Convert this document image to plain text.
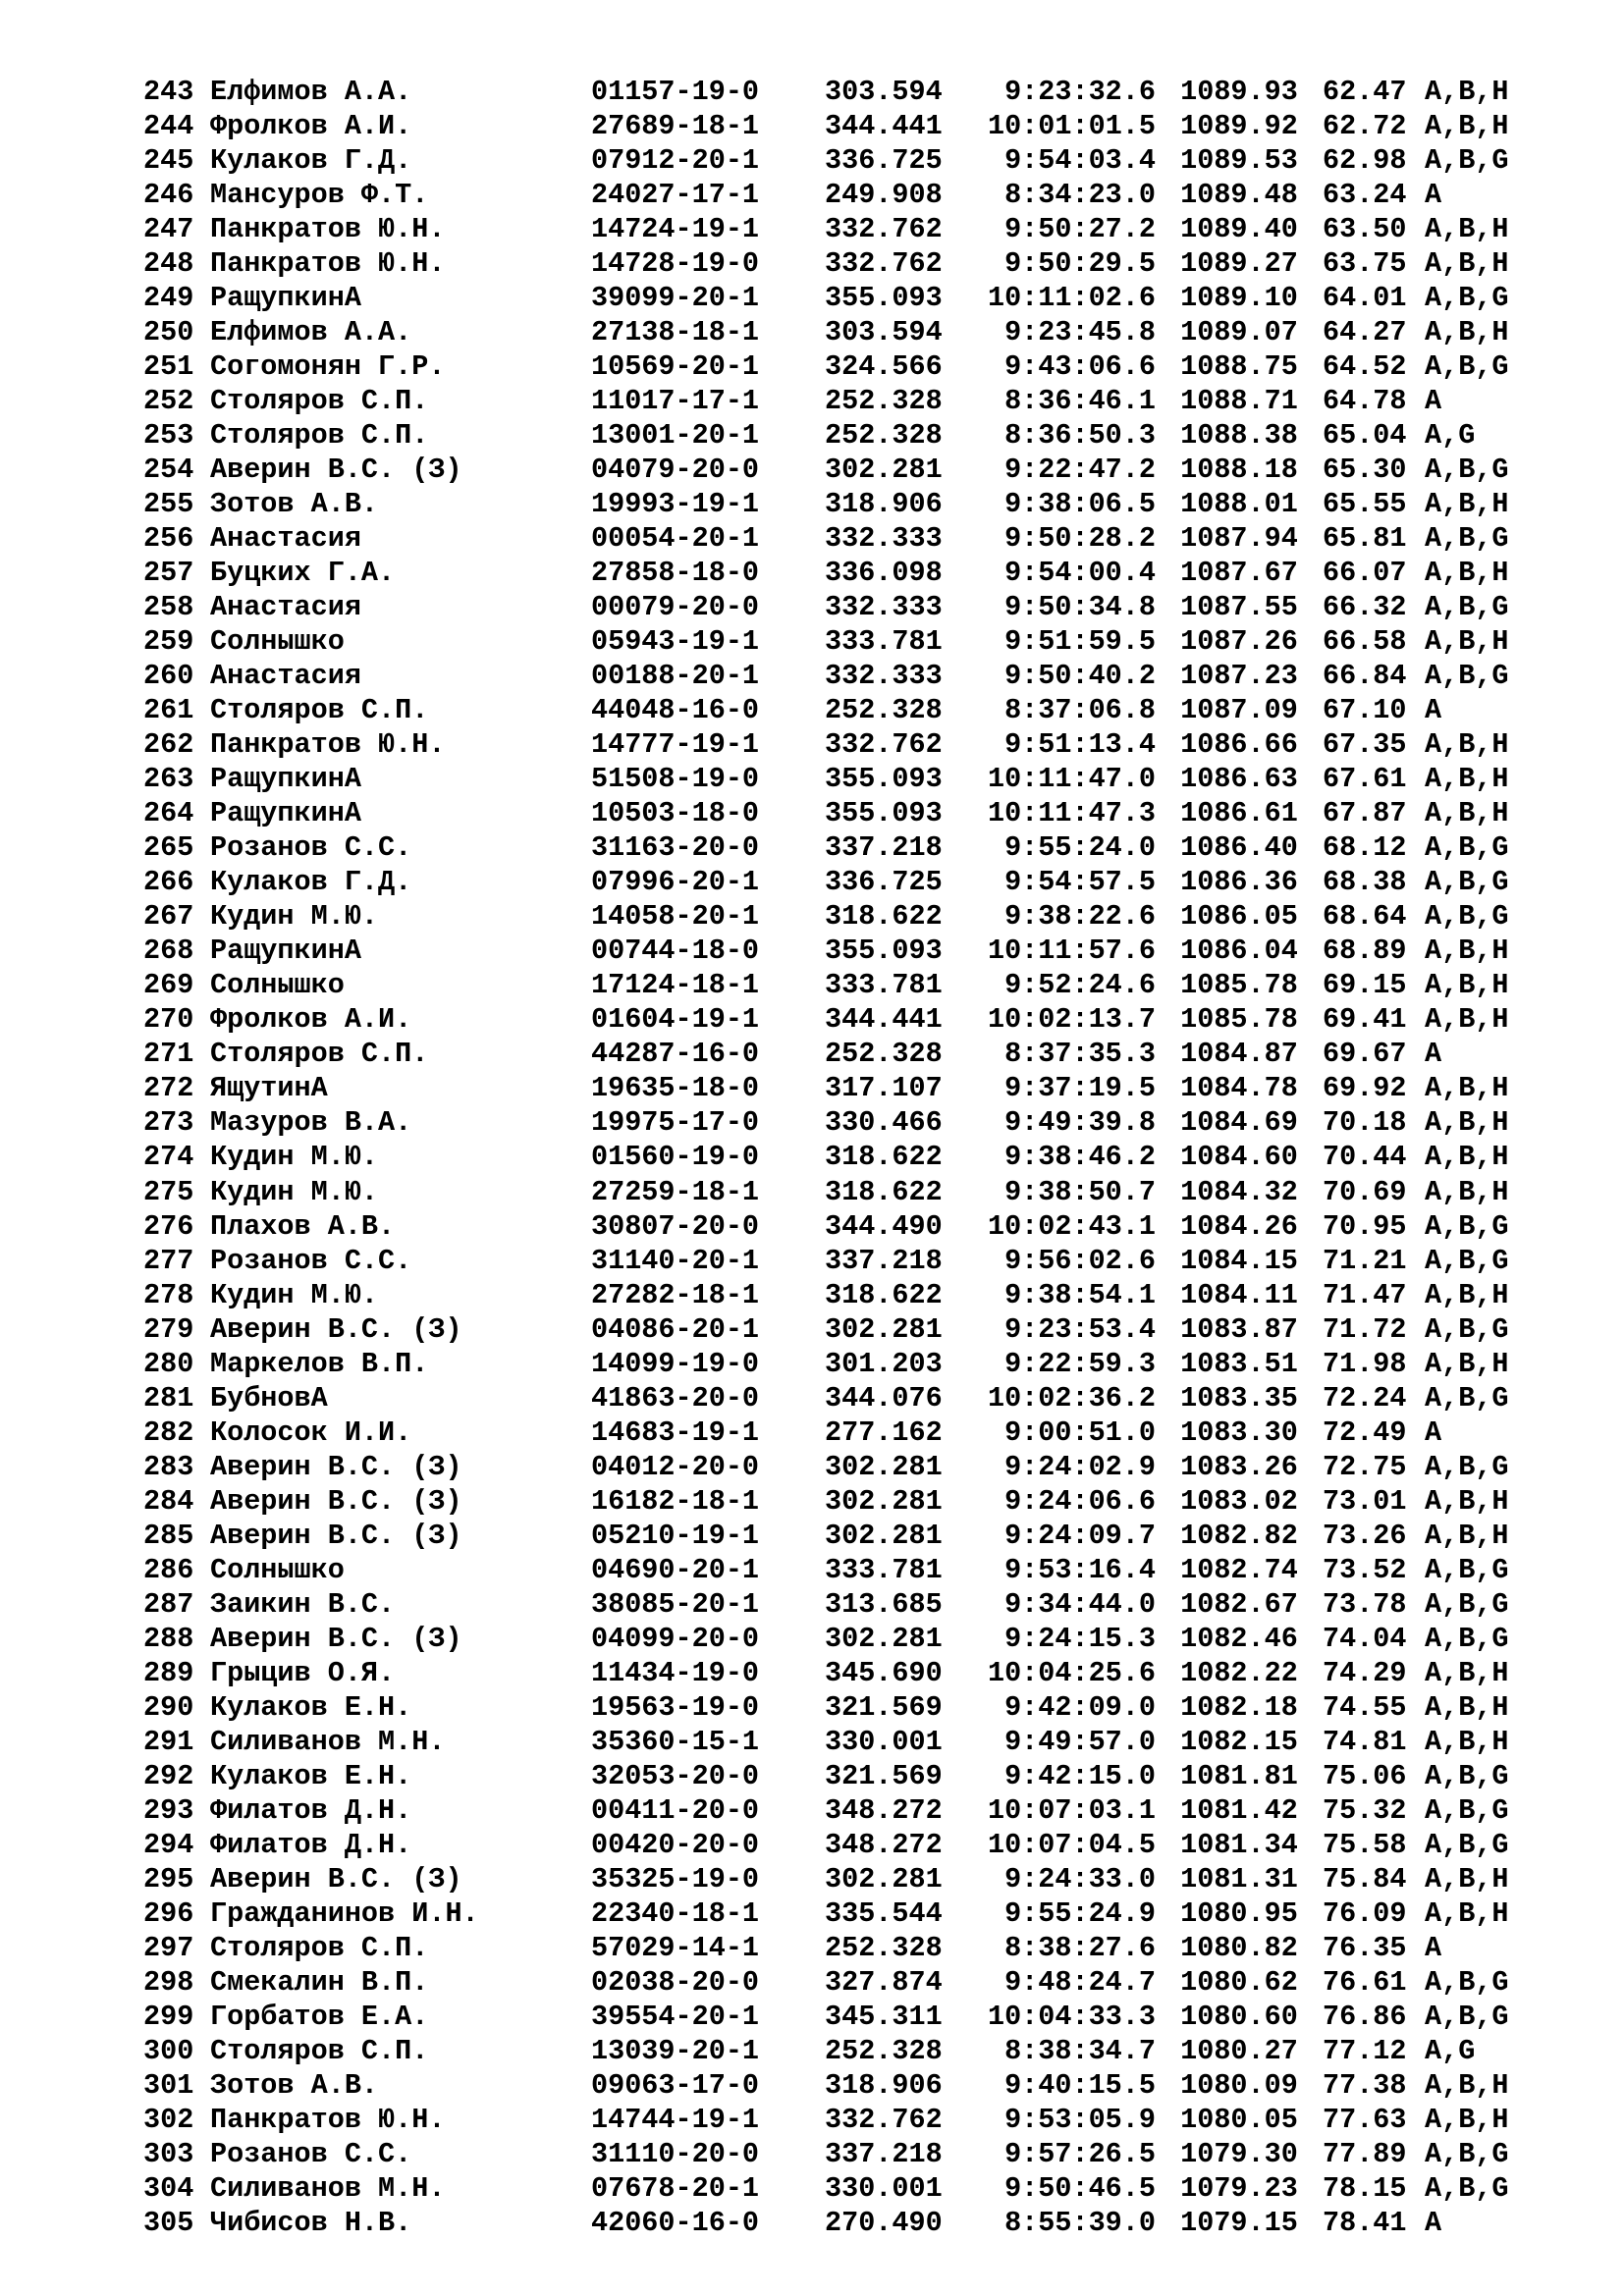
243 Елфимов А.А.	01157-19-0 303.594 9:23:32.6 1089.93 62.47 A,B,H
244 Фролков А.И.	27689-18-1 344.441 10:01:01.5 1089.92 62.72 A,B,H
245 Кулаков Г.Д.	07912-20-1 336.725 9:54:03.4 1089.53 62.98 A,B,G
246 Мансуров Ф.Т.	24027-17-1 249.908 8:34:23.0 1089.48 63.24 A
247 Панкратов Ю.Н.	14724-19-1 332.762 9:50:27.2 1089.40 63.50 A,B,H
248 Панкратов Ю.Н.	14728-19-0 332.762 9:50:29.5 1089.27 63.75 A,B,H
249 РащупкинА	39099-20-1 355.093 10:11:02.6 1089.10 64.01 A,B,G
250 Елфимов А.А.	27138-18-1 303.594 9:23:45.8 1089.07 64.27 A,B,H
251 Согомонян Г.Р.	10569-20-1 324.566 9:43:06.6 1088.75 64.52 A,B,G
252 Столяров С.П.	11017-17-1 252.328 8:36:46.1 1088.71 64.78 A
253 Столяров С.П.	13001-20-1 252.328 8:36:50.3 1088.38 65.04 A,G
254 Аверин В.С. (З)	04079-20-0 302.281 9:22:47.2 1088.18 65.30 A,B,G
255 Зотов А.В.	19993-19-1 318.906 9:38:06.5 1088.01 65.55 A,B,H
256 Анастасия	00054-20-1 332.333 9:50:28.2 1087.94 65.81 A,B,G
257 Буцких Г.А.	27858-18-0 336.098 9:54:00.4 1087.67 66.07 A,B,H
258 Анастасия	00079-20-0 332.333 9:50:34.8 1087.55 66.32 A,B,G
259 Солнышко	05943-19-1 333.781 9:51:59.5 1087.26 66.58 A,B,H
260 Анастасия	00188-20-1 332.333 9:50:40.2 1087.23 66.84 A,B,G
261 Столяров С.П.	44048-16-0 252.328 8:37:06.8 1087.09 67.10 A
262 Панкратов Ю.Н.	14777-19-1 332.762 9:51:13.4 1086.66 67.35 A,B,H
263 РащупкинА	51508-19-0 355.093 10:11:47.0 1086.63 67.61 A,B,H
264 РащупкинА	10503-18-0 355.093 10:11:47.3 1086.61 67.87 A,B,H
265 Розанов С.С.	31163-20-0 337.218 9:55:24.0 1086.40 68.12 A,B,G
266 Кулаков Г.Д.	07996-20-1 336.725 9:54:57.5 1086.36 68.38 A,B,G
267 Кудин М.Ю.	14058-20-1 318.622 9:38:22.6 1086.05 68.64 A,B,G
268 РащупкинА	00744-18-0 355.093 10:11:57.6 1086.04 68.89 A,B,H
269 Солнышко	17124-18-1 333.781 9:52:24.6 1085.78 69.15 A,B,H
270 Фролков А.И.	01604-19-1 344.441 10:02:13.7 1085.78 69.41 A,B,H
271 Столяров С.П.	44287-16-0 252.328 8:37:35.3 1084.87 69.67 A
272 ЯщутинА	19635-18-0 317.107 9:37:19.5 1084.78 69.92 A,B,H
273 Мазуров В.А.	19975-17-0 330.466 9:49:39.8 1084.69 70.18 A,B,H
274 Кудин М.Ю.	01560-19-0 318.622 9:38:46.2 1084.60 70.44 A,B,H
275 Кудин М.Ю.	27259-18-1 318.622 9:38:50.7 1084.32 70.69 A,B,H
276 Плахов А.В.	30807-20-0 344.490 10:02:43.1 1084.26 70.95 A,B,G
277 Розанов С.С.	31140-20-1 337.218 9:56:02.6 1084.15 71.21 A,B,G
278 Кудин М.Ю.	27282-18-1 318.622 9:38:54.1 1084.11 71.47 A,B,H
279 Аверин В.С. (З)	04086-20-1 302.281 9:23:53.4 1083.87 71.72 A,B,G
280 Маркелов В.П.	14099-19-0 301.203 9:22:59.3 1083.51 71.98 A,B,H
281 БубновА	41863-20-0 344.076 10:02:36.2 1083.35 72.24 A,B,G
282 Колосок И.И.	14683-19-1 277.162 9:00:51.0 1083.30 72.49 A
283 Аверин В.С. (З)	04012-20-0 302.281 9:24:02.9 1083.26 72.75 A,B,G
284 Аверин В.С. (З)	16182-18-1 302.281 9:24:06.6 1083.02 73.01 A,B,H
285 Аверин В.С. (З)	05210-19-1 302.281 9:24:09.7 1082.82 73.26 A,B,H
286 Солнышко	04690-20-1 333.781 9:53:16.4 1082.74 73.52 A,B,G
287 Заикин В.С.	38085-20-1 313.685 9:34:44.0 1082.67 73.78 A,B,G
288 Аверин В.С. (З)	04099-20-0 302.281 9:24:15.3 1082.46 74.04 A,B,G
289 Грыцив О.Я.	11434-19-0 345.690 10:04:25.6 1082.22 74.29 A,B,H
290 Кулаков Е.Н.	19563-19-0 321.569 9:42:09.0 1082.18 74.55 A,B,H
291 Силиванов М.Н.	35360-15-1 330.001 9:49:57.0 1082.15 74.81 A,B,H
292 Кулаков Е.Н.	32053-20-0 321.569 9:42:15.0 1081.81 75.06 A,B,G
293 Филатов Д.Н.	00411-20-0 348.272 10:07:03.1 1081.42 75.32 A,B,G
294 Филатов Д.Н.	00420-20-0 348.272 10:07:04.5 1081.34 75.58 A,B,G
295 Аверин В.С. (З)	35325-19-0 302.281 9:24:33.0 1081.31 75.84 A,B,H
296 Гражданинов И.Н.	22340-18-1 335.544 9:55:24.9 1080.95 76.09 A,B,H
297 Столяров С.П.	57029-14-1 252.328 8:38:27.6 1080.82 76.35 A
298 Смекалин В.П.	02038-20-0 327.874 9:48:24.7 1080.62 76.61 A,B,G
299 Горбатов Е.А.	39554-20-1 345.311 10:04:33.3 1080.60 76.86 A,B,G
300 Столяров С.П.	13039-20-1 252.328 8:38:34.7 1080.27 77.12 A,G
301 Зотов А.В.	09063-17-0 318.906 9:40:15.5 1080.09 77.38 A,B,H
302 Панкратов Ю.Н.	14744-19-1 332.762 9:53:05.9 1080.05 77.63 A,B,H
303 Розанов С.С.	31110-20-0 337.218 9:57:26.5 1079.30 77.89 A,B,G
304 Силиванов М.Н.	07678-20-1 330.001 9:50:46.5 1079.23 78.15 A,B,G
305 Чибисов Н.В.	42060-16-0 270.490 8:55:39.0 1079.15 78.41 A
